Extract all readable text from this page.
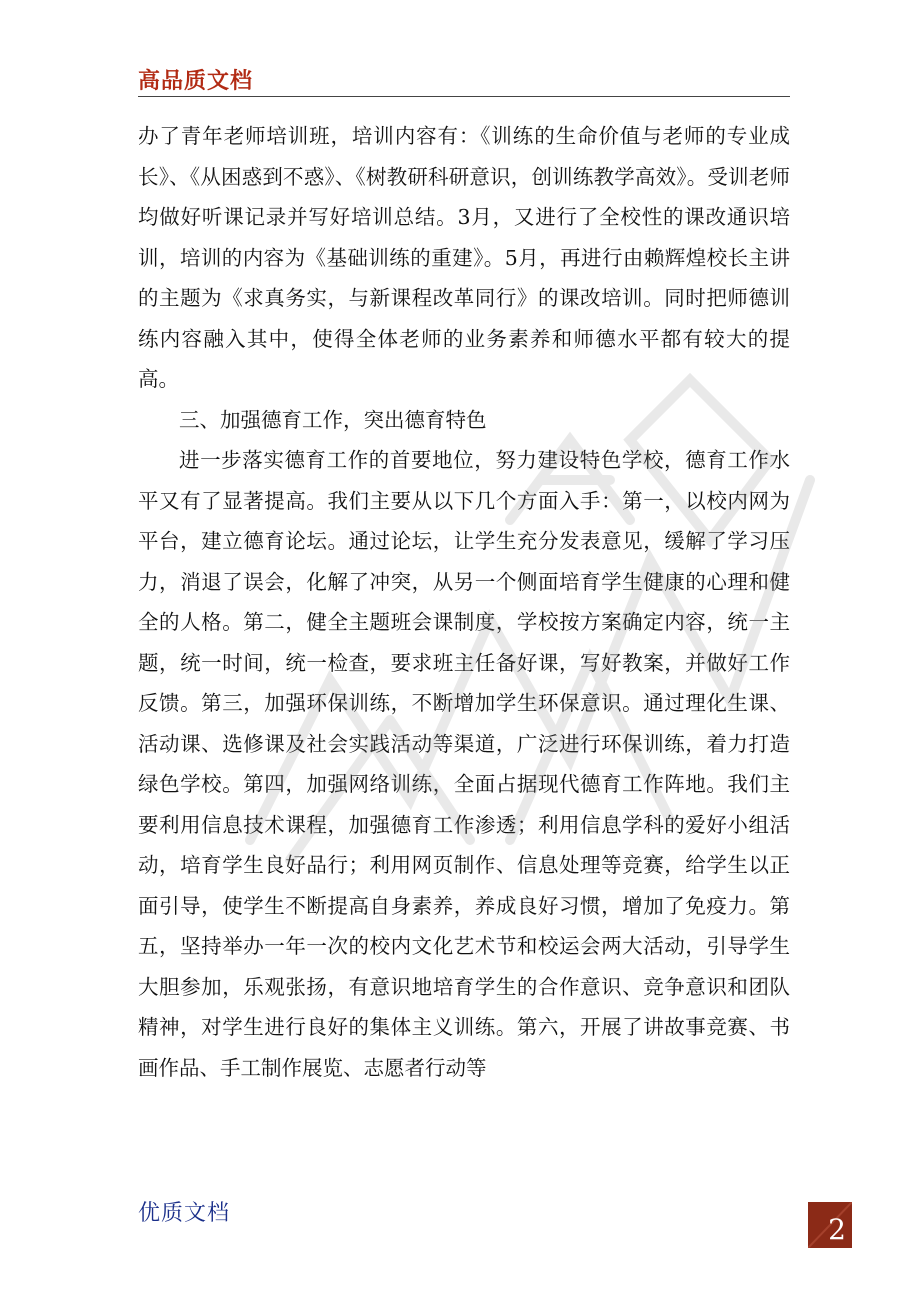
高品质文档

办了青年老师培训班，培训内容有：《训练的生命价值与老师的专业成长》、《从困惑到不惑》、《树教研科研意识，创训练教学高效》。受训老师均做好听课记录并写好培训总结。3月，又进行了全校性的课改通识培训，培训的内容为《基础训练的重建》。5月，再进行由赖辉煌校长主讲的主题为《求真务实，与新课程改革同行》的课改培训。同时把师德训练内容融入其中，使得全体老师的业务素养和师德水平都有较大的提高。

三、加强德育工作，突出德育特色

进一步落实德育工作的首要地位，努力建设特色学校，德育工作水平又有了显著提高。我们主要从以下几个方面入手：第一，以校内网为平台，建立德育论坛。通过论坛，让学生充分发表意见，缓解了学习压力，消退了误会，化解了冲突，从另一个侧面培育学生健康的心理和健全的人格。第二，健全主题班会课制度，学校按方案确定内容，统一主题，统一时间，统一检查，要求班主任备好课，写好教案，并做好工作反馈。第三，加强环保训练，不断增加学生环保意识。通过理化生课、活动课、选修课及社会实践活动等渠道，广泛进行环保训练，着力打造绿色学校。第四，加强网络训练，全面占据现代德育工作阵地。我们主要利用信息技术课程，加强德育工作渗透；利用信息学科的爱好小组活动，培育学生良好品行；利用网页制作、信息处理等竞赛，给学生以正面引导，使学生不断提高自身素养，养成良好习惯，增加了免疫力。第五，坚持举办一年一次的校内文化艺术节和校运会两大活动，引导学生大胆参加，乐观张扬，有意识地培育学生的合作意识、竞争意识和团队精神，对学生进行良好的集体主义训练。第六，开展了讲故事竞赛、书画作品、手工制作展览、志愿者行动等

优质文档	2
